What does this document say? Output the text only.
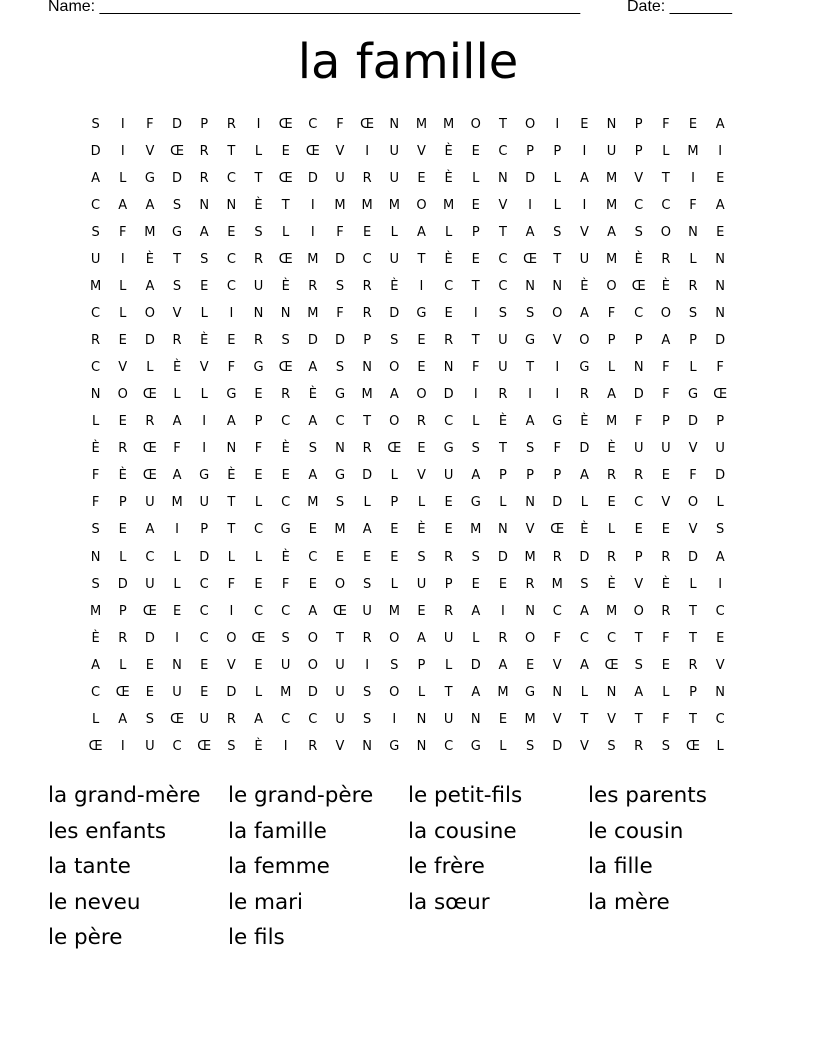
Name: ______________________________________________________	Date: _______
la famille
S	I	F	D	P	R	I	Œ	C	F	Œ	N	M	M	O	T	O	I	E	N	P	F	E	A
D	I	V	Œ	R	T	L	E	Œ	V	I	U	V	È	E	C	P	P	I	U	P	L	M	I
A	L	G	D	R	C	T	Œ	D	U	R	U	E	È	L	N	D	L	A	M	V	T	I	E
C	A	A	S	N	N	È	T	I	M	M	M	O	M	E	V	I	L	I	M	C	C	F	A
S	F	M	G	A	E	S	L	I	F	E	L	A	L	P	T	A	S	V	A	S	O	N	E
U	I	È	T	S	C	R	Œ	M	D	C	U	T	È	E	C	Œ	T	U	M	È	R	L	N
M	L	A	S	E	C	U	È	R	S	R	È	I	C	T	C	N	N	È	O	Œ	È	R	N
C	L	O	V	L	I	N	N	M	F	R	D	G	E	I	S	S	O	A	F	C	O	S	N
R	E	D	R	È	E	R	S	D	D	P	S	E	R	T	U	G	V	O	P	P	A	P	D
C	V	L	È	V	F	G	Œ	A	S	N	O	E	N	F	U	T	I	G	L	N	F	L	F
N	O	Œ	L	L	G	E	R	È	G	M	A	O	D	I	R	I	I	R	A	D	F	G	Œ
L	E	R	A	I	A	P	C	A	C	T	O	R	C	L	È	A	G	È	M	F	P	D	P
È	R	Œ	F	I	N	F	È	S	N	R	Œ	E	G	S	T	S	F	D	È	U	U	V	U
F	È	Œ	A	G	È	E	E	A	G	D	L	V	U	A	P	P	P	A	R	R	E	F	D
F	P	U	M	U	T	L	C	M	S	L	P	L	E	G	L	N	D	L	E	C	V	O	L
S	E	A	I	P	T	C	G	E	M	A	E	È	E	M	N	V	Œ	È	L	E	E	V	S
N	L	C	L	D	L	L	È	C	E	E	E	S	R	S	D	M	R	D	R	P	R	D	A
S	D	U	L	C	F	E	F	E	O	S	L	U	P	E	E	R	M	S	È	V	È	L	I
M	P	Œ	E	C	I	C	C	A	Œ	U	M	E	R	A	I	N	C	A	M	O	R	T	C
È	R	D	I	C	O	Œ	S	O	T	R	O	A	U	L	R	O	F	C	C	T	F	T	E
A	L	E	N	E	V	E	U	O	U	I	S	P	L	D	A	E	V	A	Œ	S	E	R	V
C	Œ	E	U	E	D	L	M	D	U	S	O	L	T	A	M	G	N	L	N	A	L	P	N
L	A	S	Œ	U	R	A	C	C	U	S	I	N	U	N	E	M	V	T	V	T	F	T	C
Œ	I	U	C	Œ	S	È	I	R	V	N	G	N	C	G	L	S	D	V	S	R	S	Œ	L
la grand-mère	le grand-père	le petit-fils	les parents
les enfants	la famille	la cousine	le cousin
la tante	la femme	le frère	la fille
le neveu	le mari	la sœur	la mère
le père	le fils
